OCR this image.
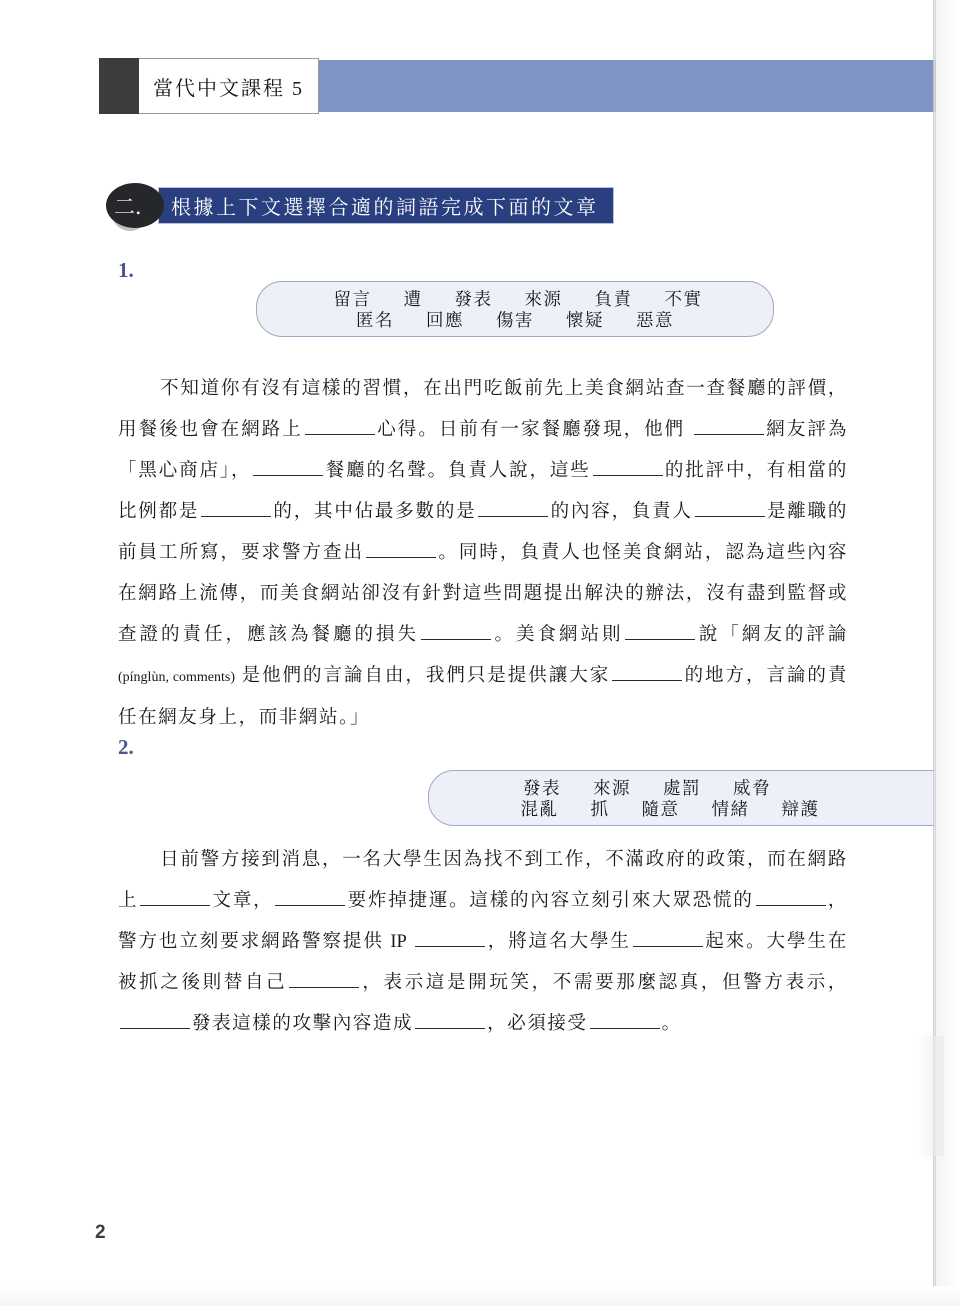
當代中文課程 5
二． 根據上下文選擇合適的詞語完成下面的文章
1.
留言 遭 發表 來源 負責 不實
匿名 回應 傷害 懷疑 惡意

不知道你有沒有這樣的習慣，在出門吃飯前先上美食網站查一查餐廳的評價，用餐後也會在網路上	心得。日前有一家餐廳發現，他們	網友評為「黑心商店」，	餐廳的名聲。負責人說，這些	的批評中，有相當的比例都是	的，其中佔最多數的是	的內容，負責人	是離職的前員工所寫，要求警方查出	。同時，負責人也怪美食網站，認為這些內容在網路上流傳，而美食網站卻沒有針對這些問題提出解決的辦法，沒有盡到監督或查證的責任，應該為餐廳的損失	。美食網站則	說「網友的評論 (pínglùn, comments) 是他們的言論自由，我們只是提供讓大家	的地方，言論的責任在網友身上，而非網站。」

2.
發表 來源 處罰 威脅
混亂 抓 隨意 情緒 辯護

日前警方接到消息，一名大學生因為找不到工作，不滿政府的政策，而在網路上	文章，	要炸掉捷運。這樣的內容立刻引來大眾恐慌的	，警方也立刻要求網路警察提供 IP	，將這名大學生	起來。大學生在被抓之後則替自己	，表示這是開玩笑，不需要那麼認真，但警方表示，發表這樣的攻擊內容造成	，必須接受	。

2
